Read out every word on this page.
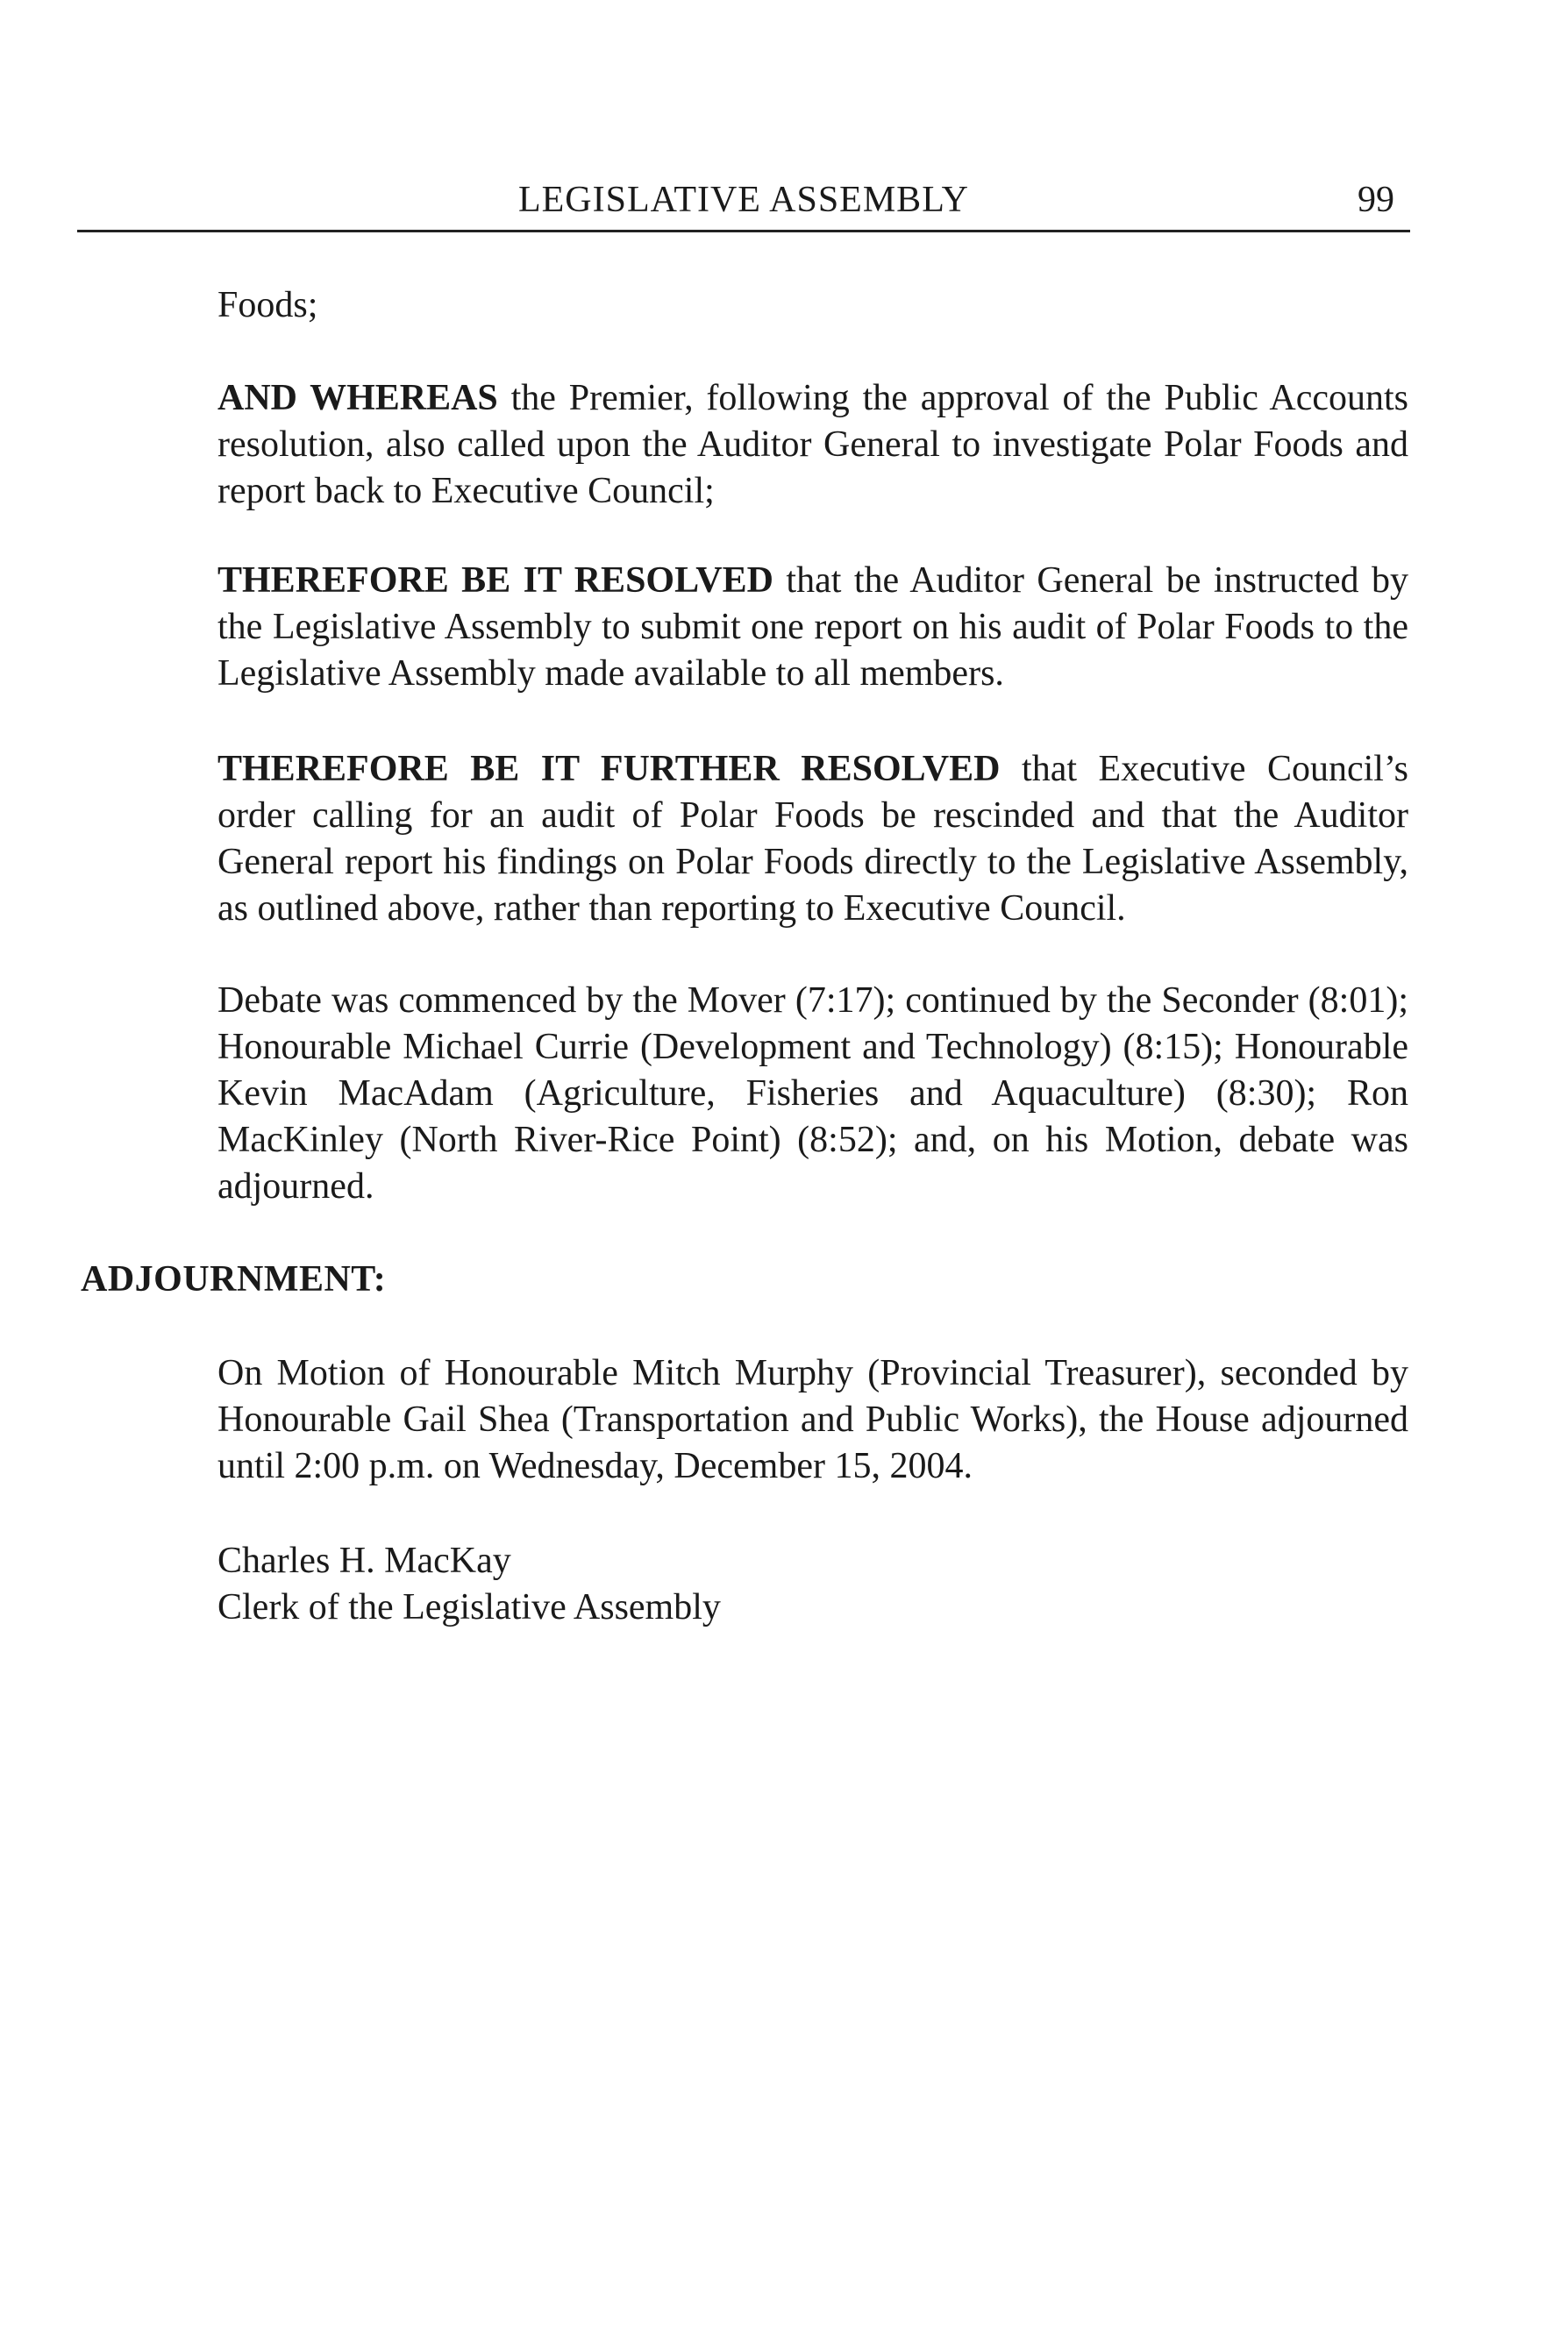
LEGISLATIVE ASSEMBLY	99
Foods;
AND WHEREAS the Premier, following the approval of the Public Accounts resolution, also called upon the Auditor General to investigate Polar Foods and report back to Executive Council;
THEREFORE BE IT RESOLVED that the Auditor General be instructed by the Legislative Assembly to submit one report on his audit of Polar Foods to the Legislative Assembly made available to all members.
THEREFORE BE IT FURTHER RESOLVED that Executive Council’s order calling for an audit of Polar Foods be rescinded and that the Auditor General report his findings on Polar Foods directly to the Legislative Assembly, as outlined above, rather than reporting to Executive Council.
Debate was commenced by the Mover (7:17); continued by the Seconder (8:01); Honourable Michael Currie (Development and Technology) (8:15); Honourable Kevin MacAdam (Agriculture, Fisheries and Aquaculture) (8:30); Ron MacKinley (North River-Rice Point) (8:52); and, on his Motion, debate was adjourned.
ADJOURNMENT:
On Motion of Honourable Mitch Murphy (Provincial Treasurer), seconded by Honourable Gail Shea (Transportation and Public Works), the House adjourned until 2:00 p.m. on Wednesday, December 15, 2004.
Charles H. MacKay
Clerk of the Legislative Assembly
